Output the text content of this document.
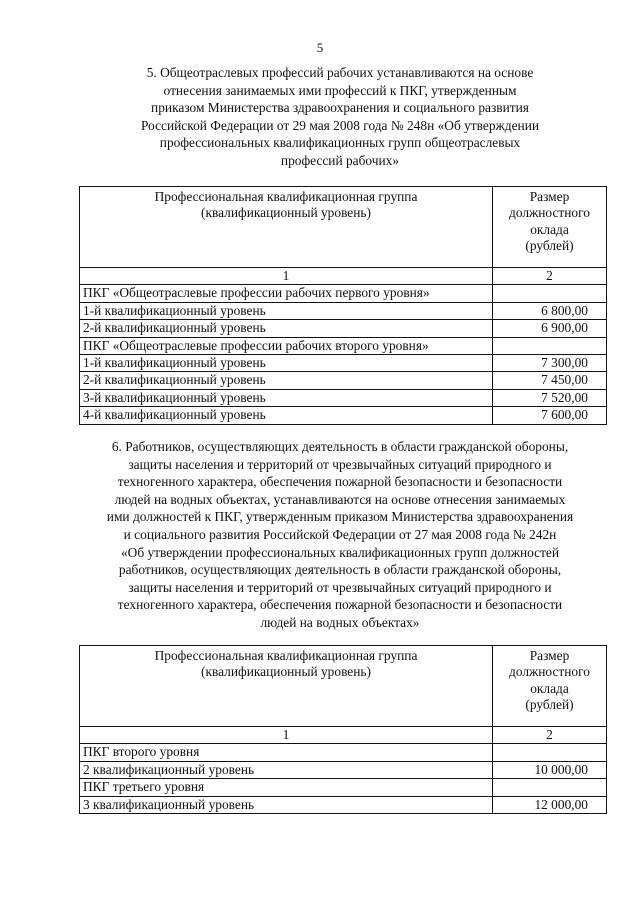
5
5. Общеотраслевых профессий рабочих устанавливаются на основе
отнесения занимаемых ими профессий к ПКГ, утвержденным
приказом Министерства здравоохранения и социального развития
Российской Федерации от 29 мая 2008 года № 248н «Об утверждении
профессиональных квалификационных групп общеотраслевых
профессий рабочих»
Профессиональная квалификационная группа
(квалификационный уровень)	Размер
должностного
оклада
(рублей)

1	2
ПКГ «Общеотраслевые профессии рабочих первого уровня»	
1-й квалификационный уровень	6 800,00
2-й квалификационный уровень	6 900,00
ПКГ «Общеотраслевые профессии рабочих второго уровня»	
1-й квалификационный уровень	7 300,00
2-й квалификационный уровень	7 450,00
3-й квалификационный уровень	7 520,00
4-й квалификационный уровень	7 600,00
6. Работников, осуществляющих деятельность в области гражданской обороны,
защиты населения и территорий от чрезвычайных ситуаций природного и
техногенного характера, обеспечения пожарной безопасности и безопасности
людей на водных объектах, устанавливаются на основе отнесения занимаемых
ими должностей к ПКГ, утвержденным приказом Министерства здравоохранения
и социального развития Российской Федерации от 27 мая 2008 года № 242н
«Об утверждении профессиональных квалификационных групп должностей
работников, осуществляющих деятельность в области гражданской обороны,
защиты населения и территорий от чрезвычайных ситуаций природного и
техногенного характера, обеспечения пожарной безопасности и безопасности
людей на водных объектах»
Профессиональная квалификационная группа
(квалификационный уровень)	Размер
должностного
оклада
(рублей)

1	2
ПКГ второго уровня	
2 квалификационный уровень	10 000,00
ПКГ третьего уровня	
3 квалификационный уровень	12 000,00
